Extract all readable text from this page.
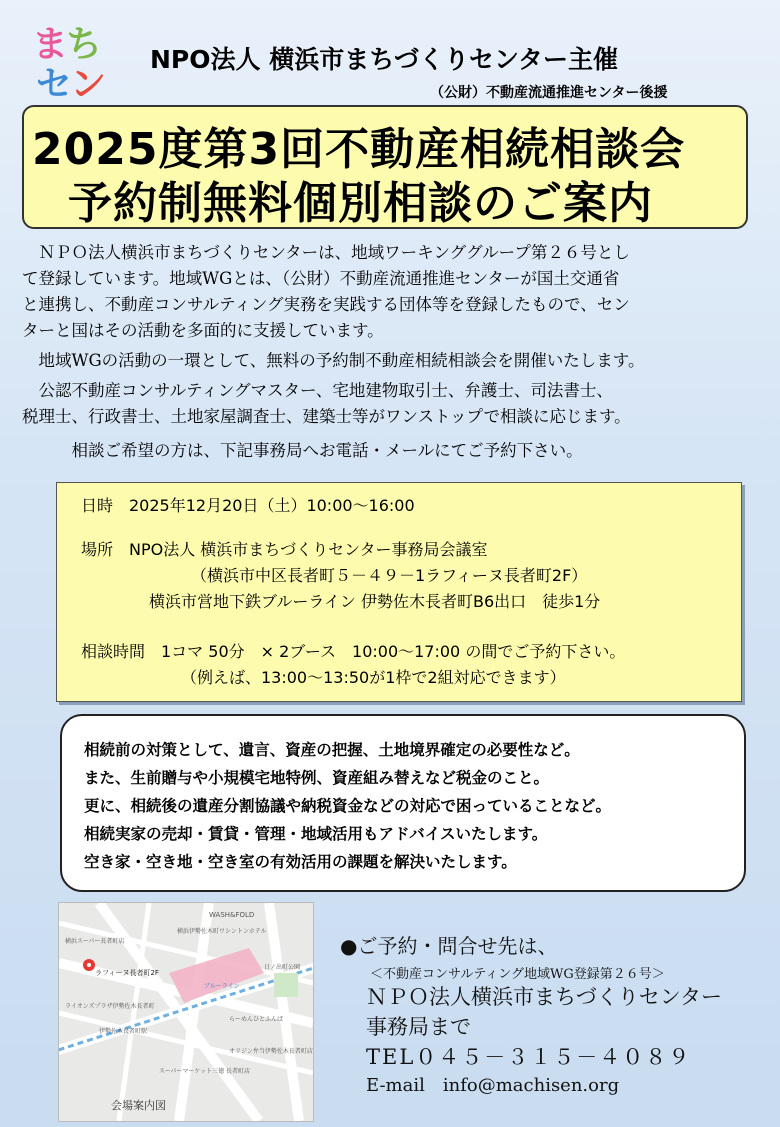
まち
セン
NPO法人 横浜市まちづくりセンター主催
（公財）不動産流通推進センター後援
2025度第3回不動産相続相談会
予約制無料個別相談のご案内

ＮＰＯ法人横浜市まちづくりセンターは、地域ワーキンググループ第２６号とし

て登録しています。地域WGとは、（公財）不動産流通推進センターが国土交通省

と連携し、不動産コンサルティング実務を実践する団体等を登録したもので、セン

ターと国はその活動を多面的に支援しています。

地域WGの活動の一環として、無料の予約制不動産相続相談会を開催いたします。

公認不動産コンサルティングマスター、宅地建物取引士、弁護士、司法書士、

税理士、行政書士、土地家屋調査士、建築士等がワンストップで相談に応じます。

相談ご希望の方は、下記事務局へお電話・メールにてご予約下さい。

日時　2025年12月20日（土）10:00～16:00
場所　NPO法人 横浜市まちづくりセンター事務局会議室
（横浜市中区長者町５－４９－1ラフィーヌ長者町2F）
横浜市営地下鉄ブルーライン 伊勢佐木長者町B6出口　徒歩1分
相談時間　1コマ 50分　× 2ブース　10:00～17:00 の間でご予約下さい。
（例えば、13:00～13:50が1枠で2組対応できます）
相続前の対策として、遺言、資産の把握、土地境界確定の必要性など。
また、生前贈与や小規模宅地特例、資産組み替えなど税金のこと。
更に、相続後の遺産分割協議や納税資金などの対応で困っていることなど。
相続実家の売却・賃貸・管理・地域活用もアドバイスいたします。
空き家・空き地・空き室の有効活用の課題を解決いたします。
WASH&FOLD
横浜伊勢佐木町ワシントンホテル
横浜スーパー長者町店
ラフィーヌ長者町2F
ブルーライン
ライオンズプラザ伊勢佐木長者町
伊勢佐木長者町駅
日ノ出町公園
らーめんひとふんば
スーパーマーケット三徳 長者町店
オリジン弁当伊勢佐木長者町店
会場案内図
●ご予約・問合せ先は、
＜不動産コンサルティング地域WG登録第２６号＞
ＮＰＯ法人横浜市まちづくりセンター
事務局まで
TEL０４５－３１５－４０８９
E-mail　info@machisen.org
